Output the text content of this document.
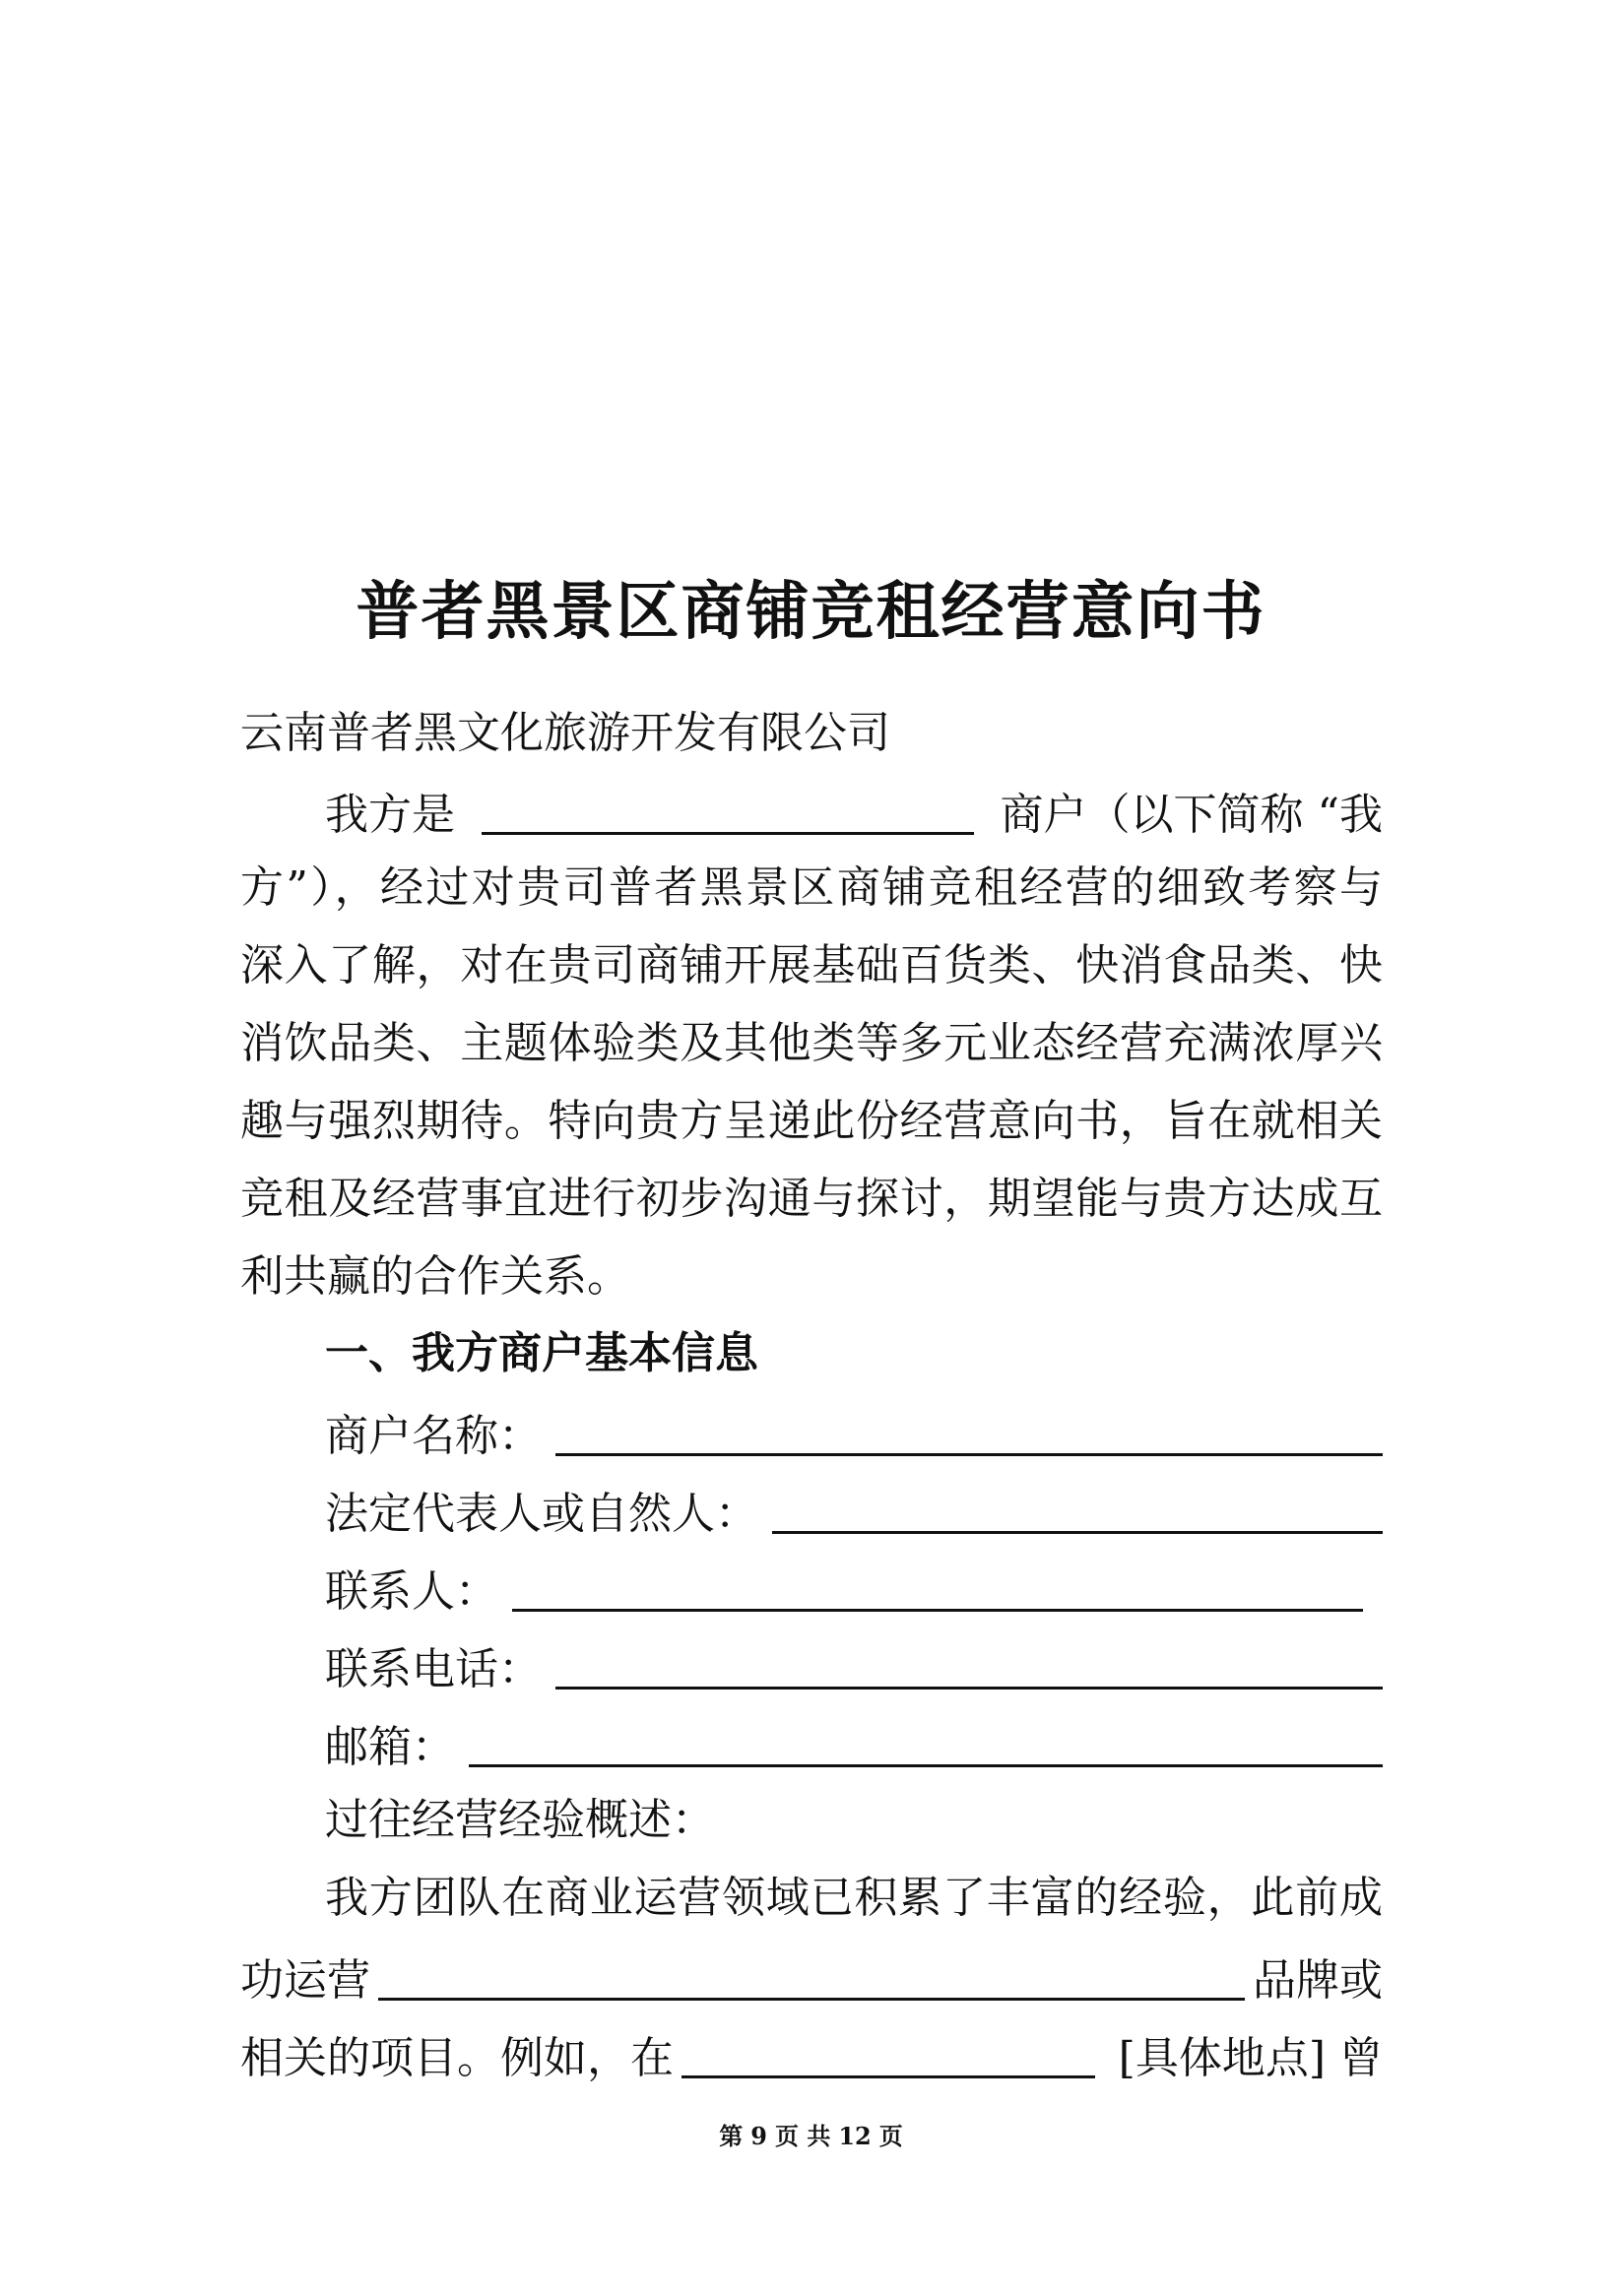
普者黑景区商铺竞租经营意向书
云南普者黑文化旅游开发有限公司
我方是	商户（以下简称 “我
方”），经过对贵司普者黑景区商铺竞租经营的细致考察与
深入了解，对在贵司商铺开展基础百货类、快消食品类、快
消饮品类、主题体验类及其他类等多元业态经营充满浓厚兴
趣与强烈期待。特向贵方呈递此份经营意向书，旨在就相关
竞租及经营事宜进行初步沟通与探讨，期望能与贵方达成互
利共赢的合作关系。
一、我方商户基本信息
商户名称：
法定代表人或自然人：
联系人：
联系电话：
邮箱：
过往经营经验概述：
我方团队在商业运营领域已积累了丰富的经验，此前成
功运营	品牌或
相关的项目。例如，在	[具体地点] 曾
第 9 页 共 12 页
